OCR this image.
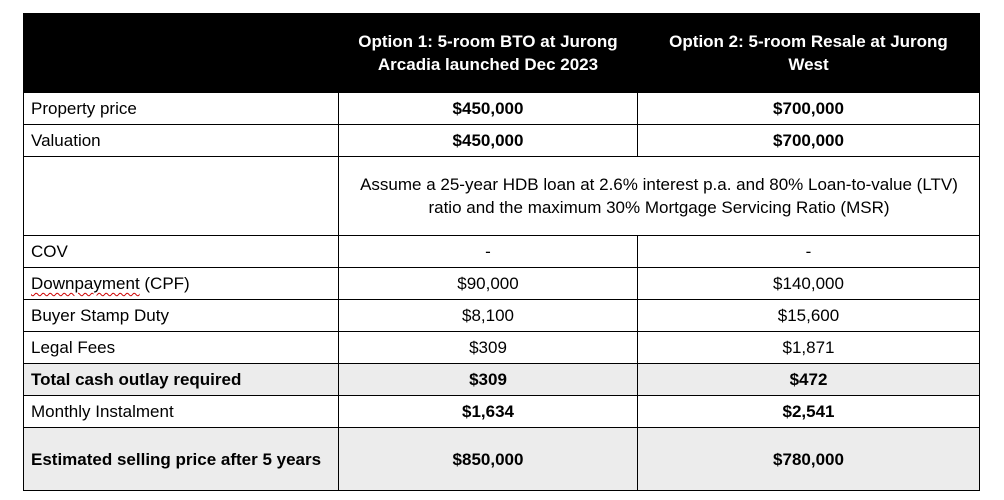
	Option 1: 5-room BTO at Jurong Arcadia launched Dec 2023	Option 2: 5-room Resale at Jurong West
Property price	$450,000	$700,000
Valuation	$450,000	$700,000
	Assume a 25-year HDB loan at 2.6% interest p.a. and 80% Loan-to-value (LTV) ratio and the maximum 30% Mortgage Servicing Ratio (MSR)	
COV	-	-
Downpayment (CPF)	$90,000	$140,000
Buyer Stamp Duty	$8,100	$15,600
Legal Fees	$309	$1,871
Total cash outlay required	$309	$472
Monthly Instalment	$1,634	$2,541
Estimated selling price after 5 years	$850,000	$780,000
